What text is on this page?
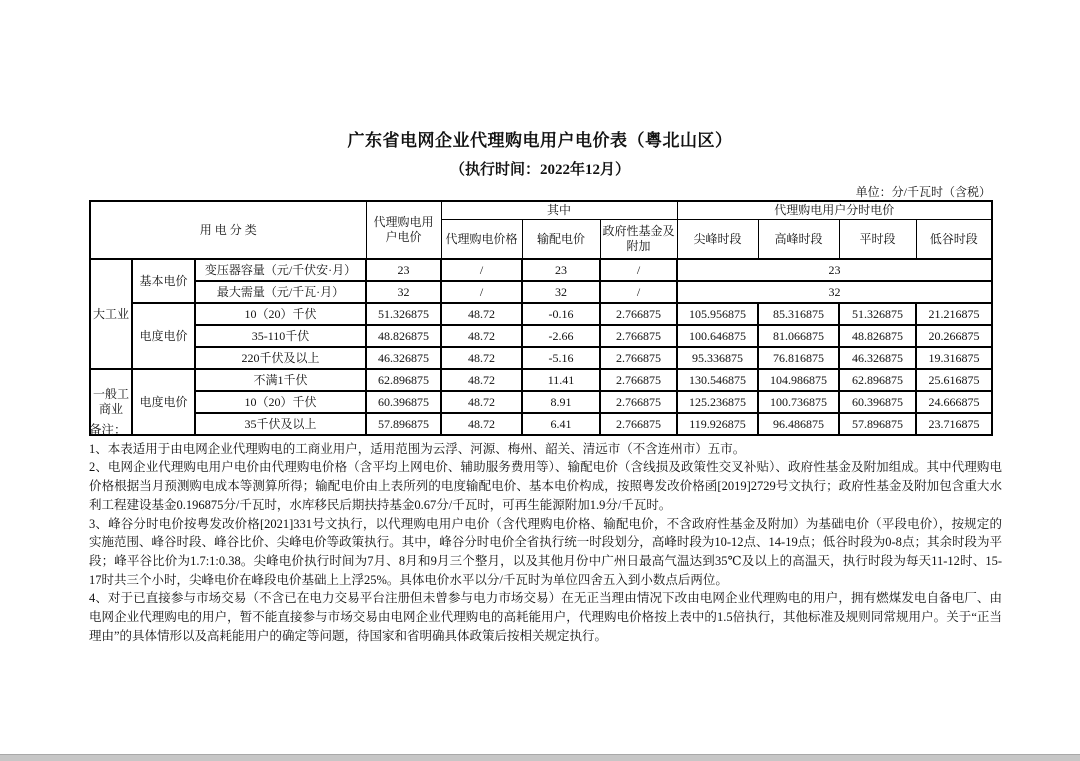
广东省电网企业代理购电用户电价表（粤北山区）
（执行时间：2022年12月）
单位：分/千瓦时（含税）
用 电 分 类			代理购电用户电价	其中			代理购电用户分时电价			
				代理购电价格	输配电价	政府性基金及附加	尖峰时段	高峰时段	平时段	低谷时段
大工业	基本电价	变压器容量（元/千伏安·月）	23	/	23	/	23			
		最大需量（元/千瓦·月）	32	/	32	/	32			
	电度电价	10（20）千伏	51.326875	48.72	-0.16	2.766875	105.956875	85.316875	51.326875	21.216875
		35-110千伏	48.826875	48.72	-2.66	2.766875	100.646875	81.066875	48.826875	20.266875
		220千伏及以上	46.326875	48.72	-5.16	2.766875	95.336875	76.816875	46.326875	19.316875
一般工商业	电度电价	不满1千伏	62.896875	48.72	11.41	2.766875	130.546875	104.986875	62.896875	25.616875
		10（20）千伏	60.396875	48.72	8.91	2.766875	125.236875	100.736875	60.396875	24.666875
		35千伏及以上	57.896875	48.72	6.41	2.766875	119.926875	96.486875	57.896875	23.716875

备注：

1、本表适用于由电网企业代理购电的工商业用户，适用范围为云浮、河源、梅州、韶关、清远市（不含连州市）五市。

2、电网企业代理购电用户电价由代理购电价格（含平均上网电价、辅助服务费用等）、输配电价（含线损及政策性交叉补贴）、政府性基金及附加组成。其中代理购电价格根据当月预测购电成本等测算所得；输配电价由上表所列的电度输配电价、基本电价构成，按照粤发改价格函[2019]2729号文执行；政府性基金及附加包含重大水利工程建设基金0.196875分/千瓦时，水库移民后期扶持基金0.67分/千瓦时，可再生能源附加1.9分/千瓦时。

3、峰谷分时电价按粤发改价格[2021]331号文执行，以代理购电用户电价（含代理购电价格、输配电价，不含政府性基金及附加）为基础电价（平段电价），按规定的实施范围、峰谷时段、峰谷比价、尖峰电价等政策执行。其中，峰谷分时电价全省执行统一时段划分，高峰时段为10-12点、14-19点；低谷时段为0-8点；其余时段为平段；峰平谷比价为1.7:1:0.38。尖峰电价执行时间为7月、8月和9月三个整月，以及其他月份中广州日最高气温达到35℃及以上的高温天，执行时段为每天11-12时、15-17时共三个小时，尖峰电价在峰段电价基础上上浮25%。具体电价水平以分/千瓦时为单位四舍五入到小数点后两位。

4、对于已直接参与市场交易（不含已在电力交易平台注册但未曾参与电力市场交易）在无正当理由情况下改由电网企业代理购电的用户，拥有燃煤发电自备电厂、由电网企业代理购电的用户，暂不能直接参与市场交易由电网企业代理购电的高耗能用户，代理购电价格按上表中的1.5倍执行，其他标准及规则同常规用户。关于“正当理由”的具体情形以及高耗能用户的确定等问题，待国家和省明确具体政策后按相关规定执行。
